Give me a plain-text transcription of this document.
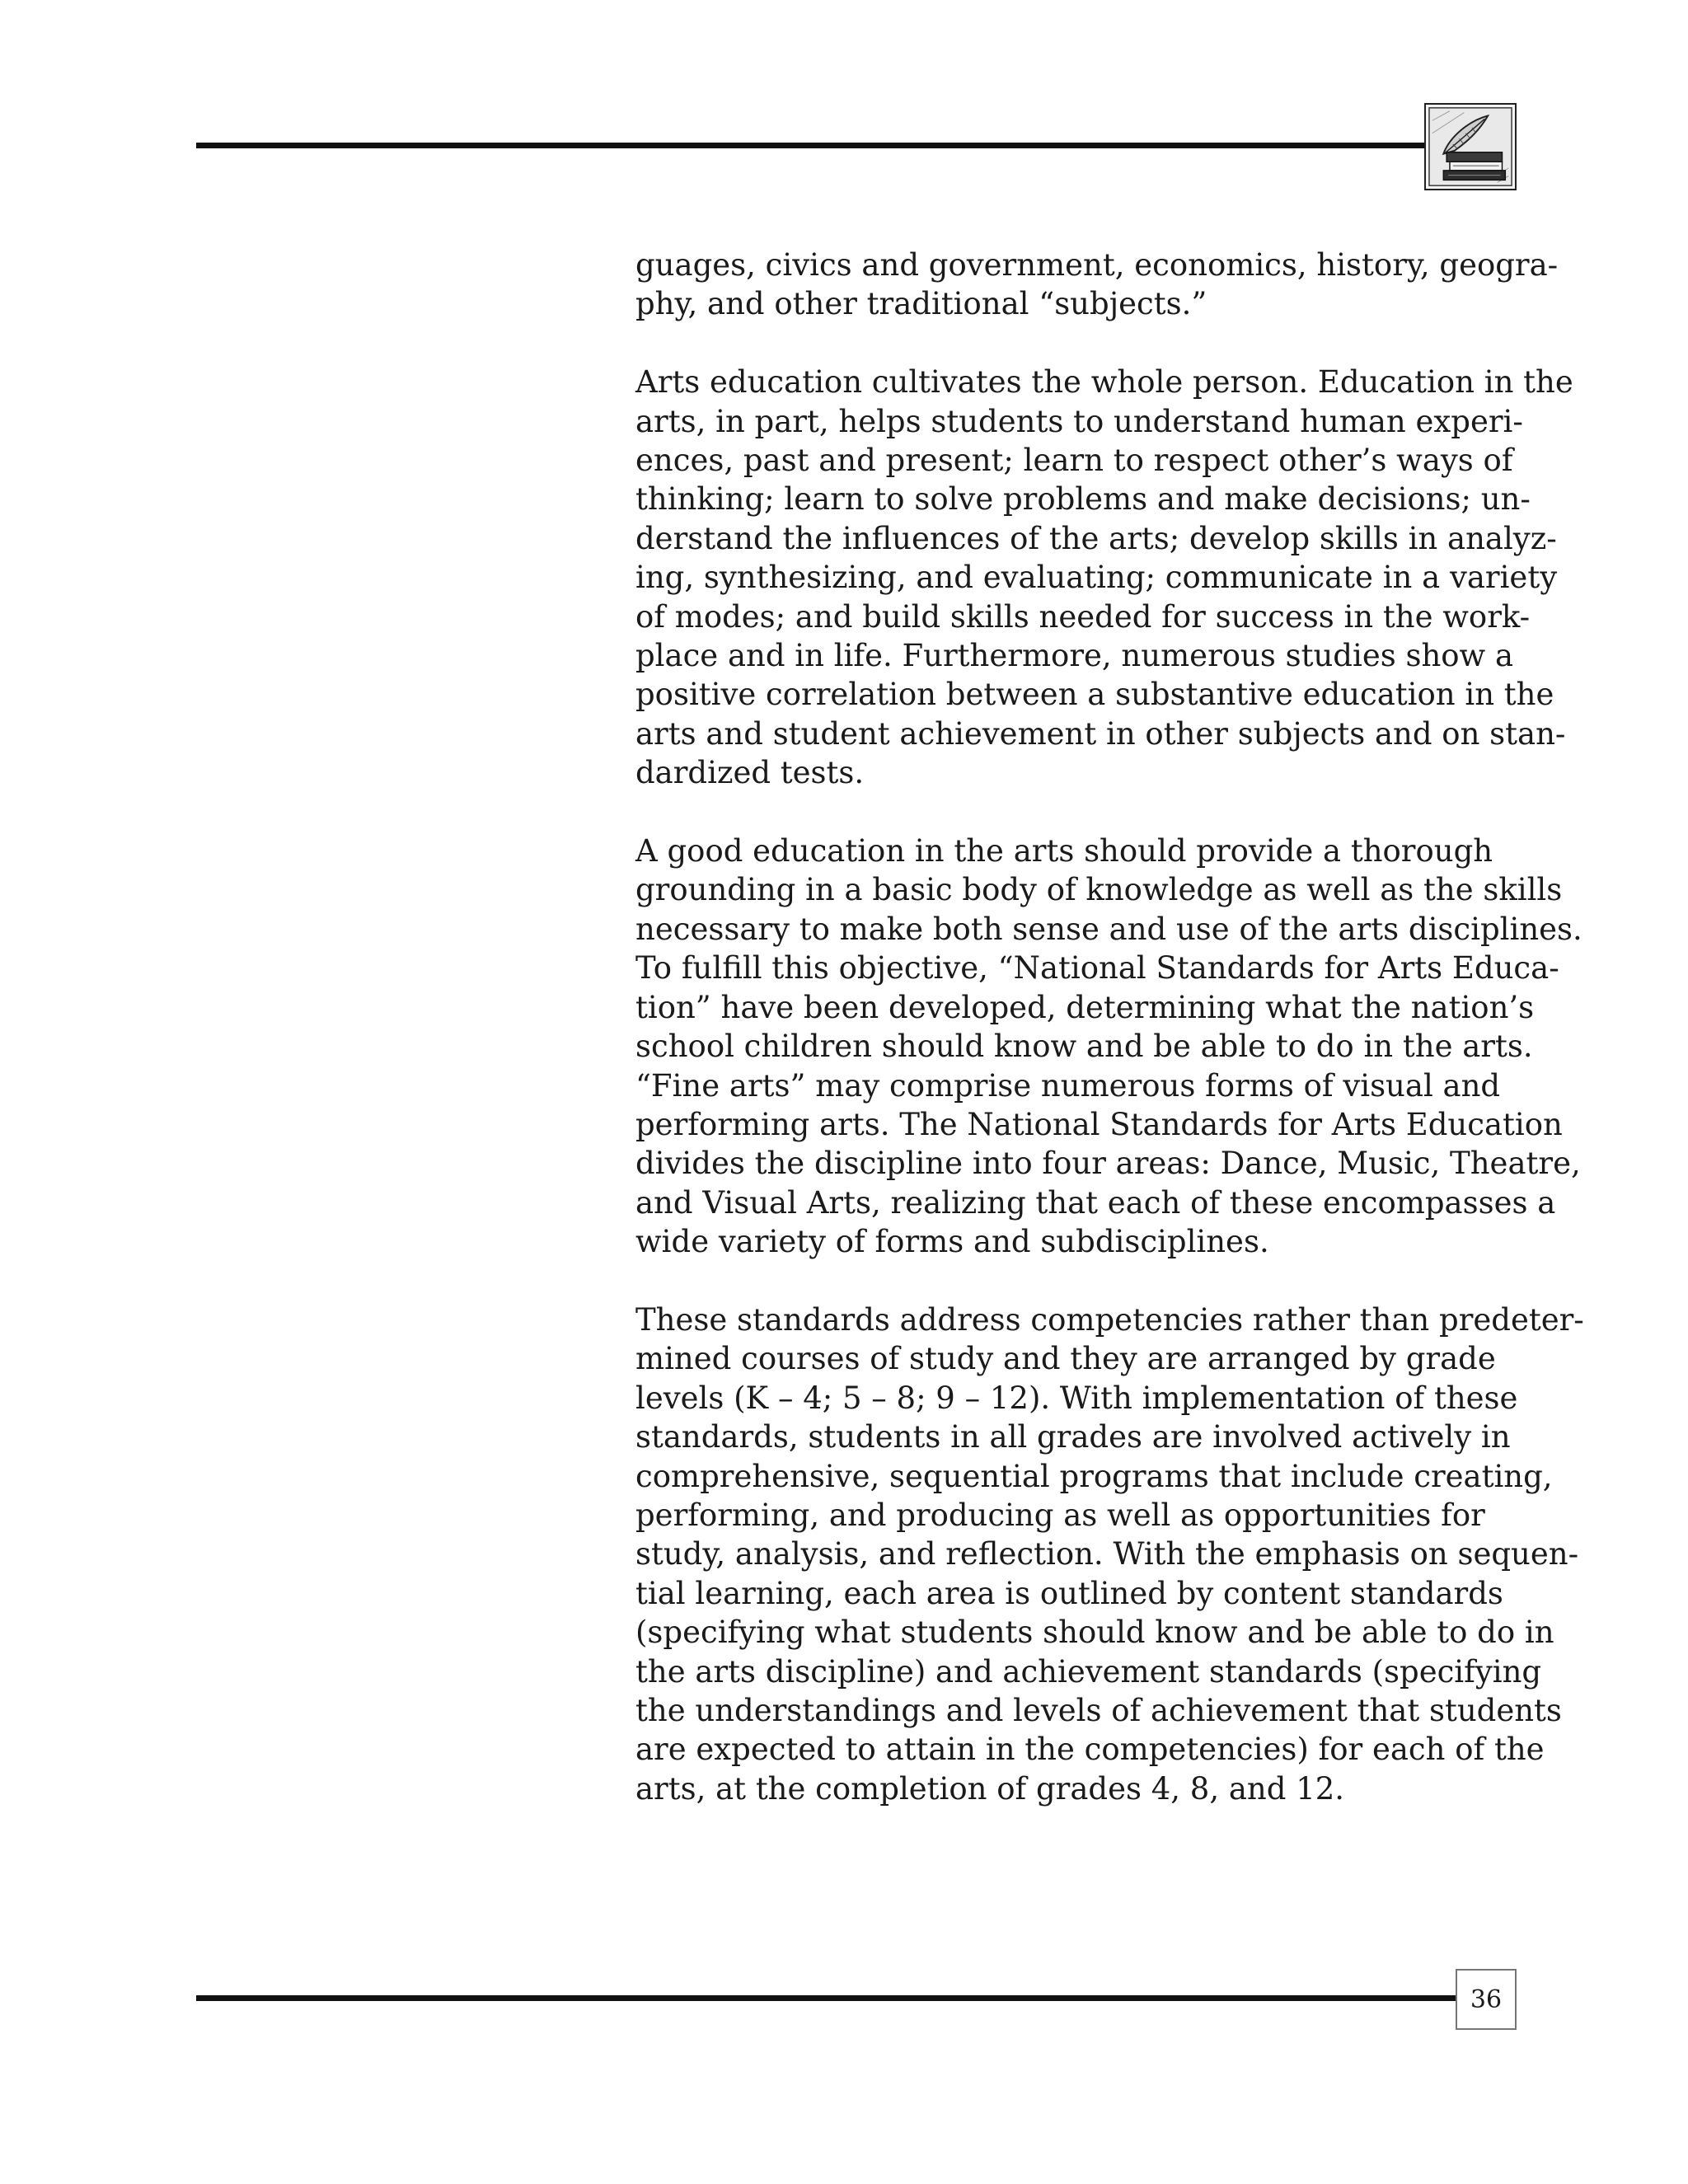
guages, civics and government, economics, history, geogra-
phy, and other traditional “subjects.”

Arts education cultivates the whole person. Education in the
arts, in part, helps students to understand human experi-
ences, past and present; learn to respect other’s ways of
thinking; learn to solve problems and make decisions; un-
derstand the influences of the arts; develop skills in analyz-
ing, synthesizing, and evaluating; communicate in a variety
of modes; and build skills needed for success in the work-
place and in life. Furthermore, numerous studies show a
positive correlation between a substantive education in the
arts and student achievement in other subjects and on stan-
dardized tests.

A good education in the arts should provide a thorough
grounding in a basic body of knowledge as well as the skills
necessary to make both sense and use of the arts disciplines.
To fulfill this objective, “National Standards for Arts Educa-
tion” have been developed, determining what the nation’s
school children should know and be able to do in the arts.
“Fine arts” may comprise numerous forms of visual and
performing arts. The National Standards for Arts Education
divides the discipline into four areas: Dance, Music, Theatre,
and Visual Arts, realizing that each of these encompasses a
wide variety of forms and subdisciplines.

These standards address competencies rather than predeter-
mined courses of study and they are arranged by grade
levels (K – 4; 5 – 8; 9 – 12). With implementation of these
standards, students in all grades are involved actively in
comprehensive, sequential programs that include creating,
performing, and producing as well as opportunities for
study, analysis, and reflection. With the emphasis on sequen-
tial learning, each area is outlined by content standards
(specifying what students should know and be able to do in
the arts discipline) and achievement standards (specifying
the understandings and levels of achievement that students
are expected to attain in the competencies) for each of the
arts, at the completion of grades 4, 8, and 12.

36
